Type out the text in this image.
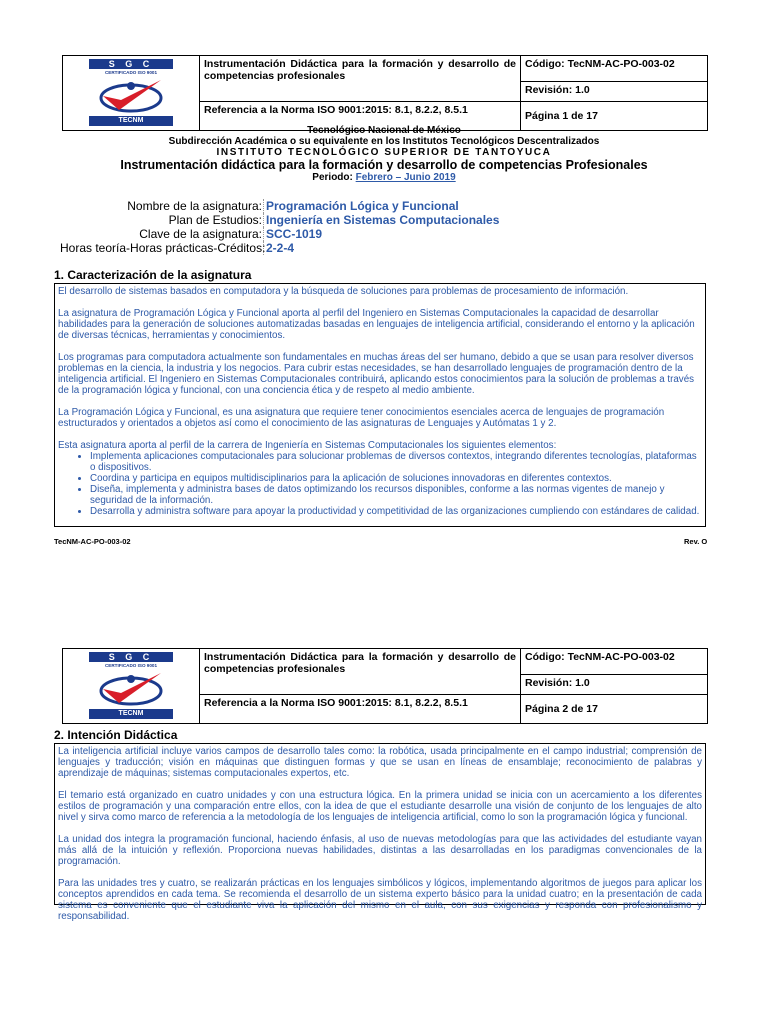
S G C
CERTIFICADO ISO 9001
TECNM	Instrumentación Didáctica para la formación y desarrollo de competencias profesionales	Código: TecNM-AC-PO-003-02
		Revisión: 1.0
	Referencia a la Norma ISO 9001:2015: 8.1, 8.2.2, 8.5.1	Página 1 de 17
Tecnológico Nacional de México
Subdirección Académica o su equivalente en los Institutos Tecnológicos Descentralizados
INSTITUTO TECNOLÓGICO SUPERIOR DE TANTOYUCA
Instrumentación didáctica para la formación y desarrollo de competencias Profesionales
Periodo: Febrero – Junio 2019
Nombre de la asignatura: Programación Lógica y Funcional
Plan de Estudios: Ingeniería en Sistemas Computacionales
Clave de la asignatura: SCC-1019
Horas teoría-Horas prácticas-Créditos:2-2-4
1. Caracterización de la asignatura

El desarrollo de sistemas basados en computadora y la búsqueda de soluciones para problemas de procesamiento de información.

La asignatura de Programación Lógica y Funcional aporta al perfil del Ingeniero en Sistemas Computacionales la capacidad de desarrollar habilidades para la generación de soluciones automatizadas basadas en lenguajes de inteligencia artificial, considerando el entorno y la aplicación de diversas técnicas, herramientas y conocimientos.

Los programas para computadora actualmente son fundamentales en muchas áreas del ser humano, debido a que se usan para resolver diversos problemas en la ciencia, la industria y los negocios. Para cubrir estas necesidades, se han desarrollado lenguajes de programación dentro de la inteligencia artificial. El Ingeniero en Sistemas Computacionales contribuirá, aplicando estos conocimientos para la solución de problemas a través de la programación lógica y funcional, con una conciencia ética y de respeto al medio ambiente.

La Programación Lógica y Funcional, es una asignatura que requiere tener conocimientos esenciales acerca de lenguajes de programación estructurados y orientados a objetos así como el conocimiento de las asignaturas de Lenguajes y Autómatas 1 y 2.

Esta asignatura aporta al perfil de la carrera de Ingeniería en Sistemas Computacionales los siguientes elementos:

• Implementa aplicaciones computacionales para solucionar problemas de diversos contextos, integrando diferentes tecnologías, plataformas o dispositivos.
• Coordina y participa en equipos multidisciplinarios para la aplicación de soluciones innovadoras en diferentes contextos.
• Diseña, implementa y administra bases de datos optimizando los recursos disponibles, conforme a las normas vigentes de manejo y seguridad de la información.
• Desarrolla y administra software para apoyar la productividad y competitividad de las organizaciones cumpliendo con estándares de calidad.
TecNM-AC-PO-003-02	Rev. O
S G C
CERTIFICADO ISO 9001
TECNM	Instrumentación Didáctica para la formación y desarrollo de competencias profesionales	Código: TecNM-AC-PO-003-02
		Revisión: 1.0
	Referencia a la Norma ISO 9001:2015: 8.1, 8.2.2, 8.5.1	Página 2 de 17
2. Intención Didáctica

La inteligencia artificial incluye varios campos de desarrollo tales como: la robótica, usada principalmente en el campo industrial; comprensión de lenguajes y traducción; visión en máquinas que distinguen formas y que se usan en líneas de ensamblaje; reconocimiento de palabras y aprendizaje de máquinas; sistemas computacionales expertos, etc.

El temario está organizado en cuatro unidades y con una estructura lógica. En la primera unidad se inicia con un acercamiento a los diferentes estilos de programación y una comparación entre ellos, con la idea de que el estudiante desarrolle una visión de conjunto de los lenguajes de alto nivel y sirva como marco de referencia a la metodología de los lenguajes de inteligencia artificial, como lo son la programación lógica y funcional.

La unidad dos integra la programación funcional, haciendo énfasis, al uso de nuevas metodologías para que las actividades del estudiante vayan más allá de la intuición y reflexión. Proporciona nuevas habilidades, distintas a las desarrolladas en los paradigmas convencionales de la programación.

Para las unidades tres y cuatro, se realizarán prácticas en los lenguajes simbólicos y lógicos, implementando algoritmos de juegos para aplicar los conceptos aprendidos en cada tema. Se recomienda el desarrollo de un sistema experto básico para la unidad cuatro; en la presentación de cada sistema es conveniente que el estudiante viva la aplicación del mismo en el aula, con sus exigencias y responda con profesionalismo y responsabilidad.
